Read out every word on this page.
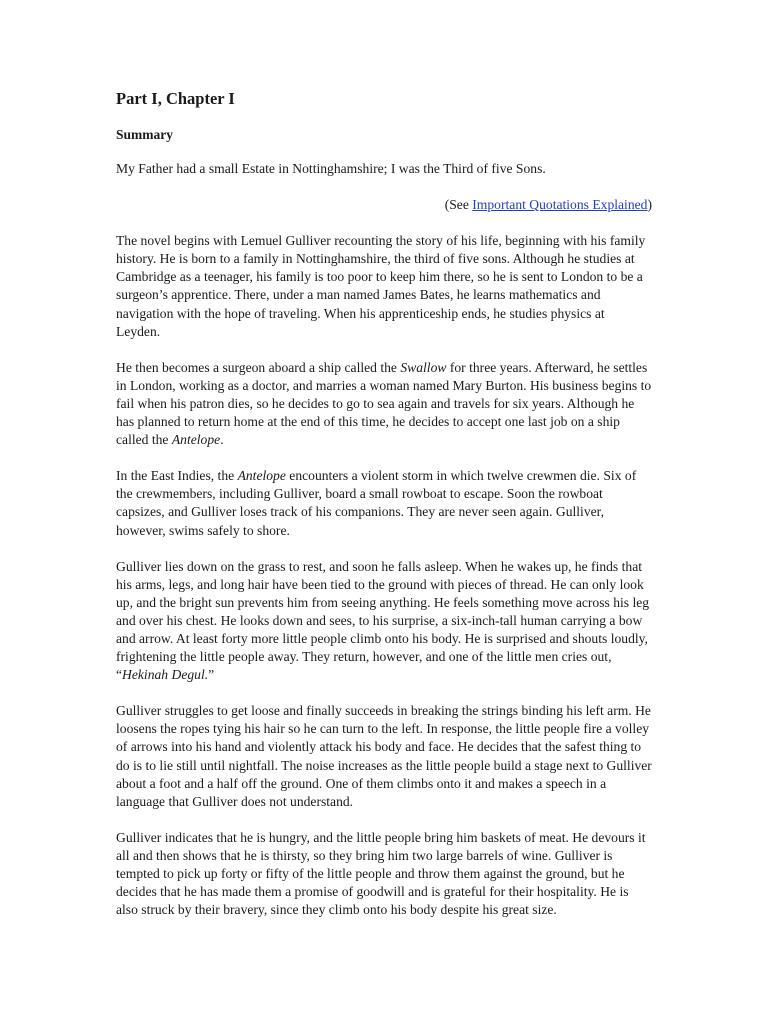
Part I, Chapter I
Summary

My Father had a small Estate in Nottinghamshire; I was the Third of five Sons.

(See Important Quotations Explained)

The novel begins with Lemuel Gulliver recounting the story of his life, beginning with his family history. He is born to a family in Nottinghamshire, the third of five sons. Although he studies at Cambridge as a teenager, his family is too poor to keep him there, so he is sent to London to be a surgeon’s apprentice. There, under a man named James Bates, he learns mathematics and navigation with the hope of traveling. When his apprenticeship ends, he studies physics at Leyden.

He then becomes a surgeon aboard a ship called the Swallow for three years. Afterward, he settles in London, working as a doctor, and marries a woman named Mary Burton. His business begins to fail when his patron dies, so he decides to go to sea again and travels for six years. Although he has planned to return home at the end of this time, he decides to accept one last job on a ship called the Antelope.

In the East Indies, the Antelope encounters a violent storm in which twelve crewmen die. Six of the crewmembers, including Gulliver, board a small rowboat to escape. Soon the rowboat capsizes, and Gulliver loses track of his companions. They are never seen again. Gulliver, however, swims safely to shore.

Gulliver lies down on the grass to rest, and soon he falls asleep. When he wakes up, he finds that his arms, legs, and long hair have been tied to the ground with pieces of thread. He can only look up, and the bright sun prevents him from seeing anything. He feels something move across his leg and over his chest. He looks down and sees, to his surprise, a six-inch-tall human carrying a bow and arrow. At least forty more little people climb onto his body. He is surprised and shouts loudly, frightening the little people away. They return, however, and one of the little men cries out, “Hekinah Degul.”

Gulliver struggles to get loose and finally succeeds in breaking the strings binding his left arm. He loosens the ropes tying his hair so he can turn to the left. In response, the little people fire a volley of arrows into his hand and violently attack his body and face. He decides that the safest thing to do is to lie still until nightfall. The noise increases as the little people build a stage next to Gulliver about a foot and a half off the ground. One of them climbs onto it and makes a speech in a language that Gulliver does not understand.

Gulliver indicates that he is hungry, and the little people bring him baskets of meat. He devours it all and then shows that he is thirsty, so they bring him two large barrels of wine. Gulliver is tempted to pick up forty or fifty of the little people and throw them against the ground, but he decides that he has made them a promise of goodwill and is grateful for their hospitality. He is also struck by their bravery, since they climb onto his body despite his great size.
